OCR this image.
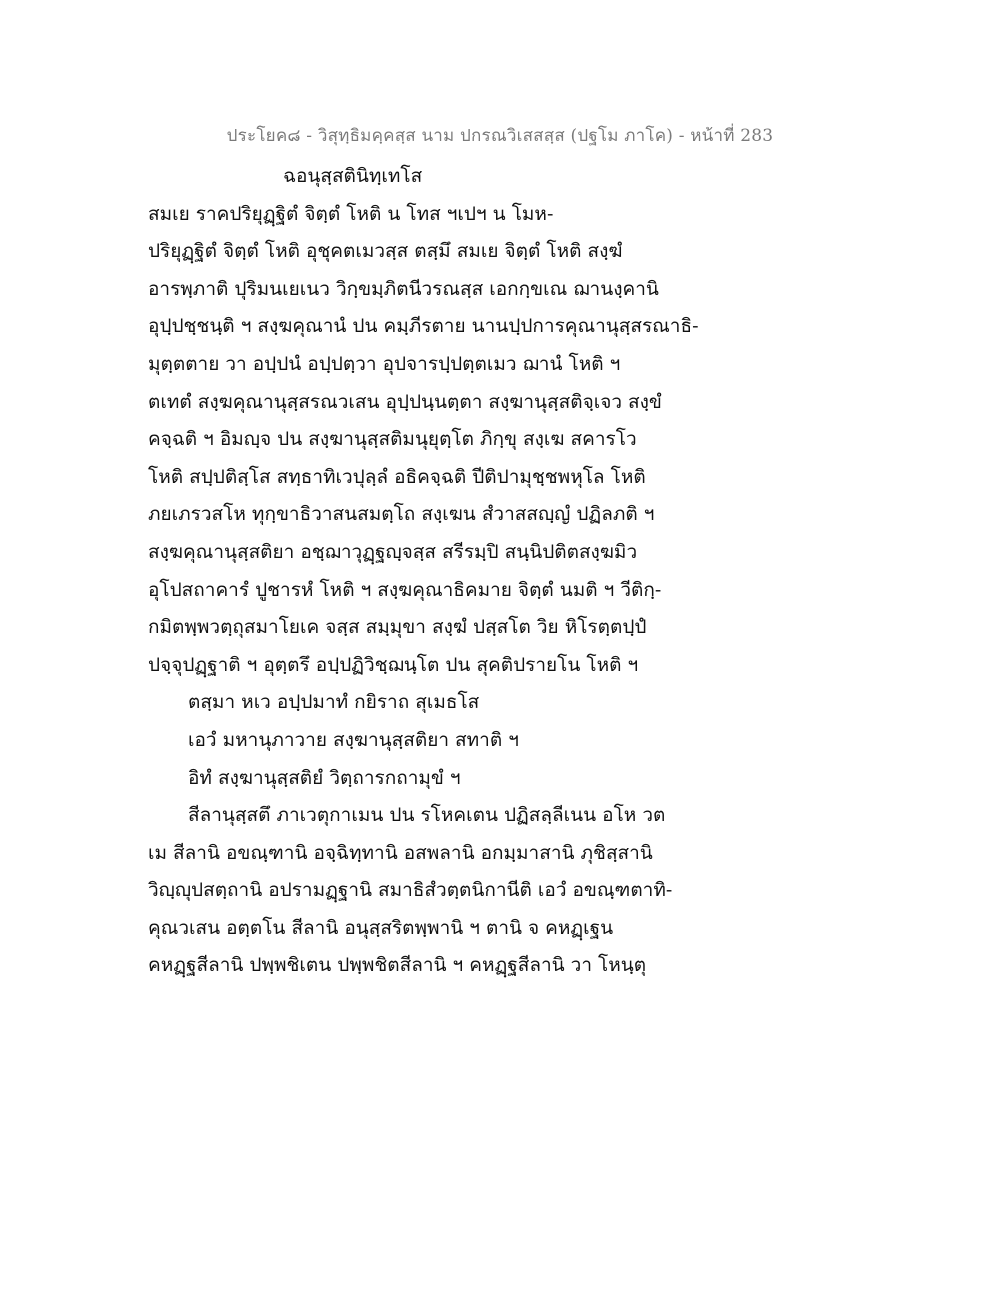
ประโยค๘ - วิสุทฺธิมคฺคสฺส นาม ปกรณวิเสสสฺส (ปฐโม ภาโค) - หน้าที่ 283
ฉอนุสฺสตินิทฺเทโส
สมเย ราคปริยุฏฺฐิตํ จิตฺตํ โหติ น โทส ฯเปฯ น โมห-
ปริยุฏฺฐิตํ จิตฺตํ โหติ อุชุคตเมวสฺส ตสฺมึ สมเย จิตฺตํ โหติ สงฺฆํ
อารพฺภาติ ปุริมนเยเนว วิกฺขมฺภิตนีวรณสฺส เอกกฺขเณ ฌานงฺคานิ
อุปฺปชฺชนฺติ ฯ สงฺฆคุณานํ ปน คมฺภีรตาย นานปฺปการคุณานุสฺสรณาธิ-
มุตฺตตาย วา อปฺปนํ อปฺปตฺวา อุปจารปฺปตฺตเมว ฌานํ โหติ ฯ
ตเทตํ สงฺฆคุณานุสฺสรณวเสน อุปฺปนฺนตฺตา สงฺฆานุสฺสติจฺเจว สงฺขํ
คจฺฉติ ฯ อิมญฺจ ปน สงฺฆานุสฺสติมนุยุตฺโต ภิกฺขุ สงฺเฆ สคารโว
โหติ สปฺปติสฺโส สทฺธาทิเวปุลฺลํ อธิคจฺฉติ ปีติปามุชฺชพหุโล โหติ
ภยเภรวสโห ทุกฺขาธิวาสนสมตฺโถ สงฺเฆน สํวาสสญฺญํ ปฏิลภติ ฯ
สงฺฆคุณานุสฺสติยา อชฺฌาวุฏฺฐญฺจสฺส สรีรมฺปิ สนฺนิปติตสงฺฆมิว
อุโปสถาคารํ ปูชารหํ โหติ ฯ สงฺฆคุณาธิคมาย จิตฺตํ นมติ ฯ วีติกฺ-
กมิตพฺพวตฺถุสมาโยเค จสฺส สมฺมุขา สงฺฆํ ปสฺสโต วิย หิโรตฺตปฺปํ
ปจฺจุปฏฺฐาติ ฯ อุตฺตรึ อปฺปฏิวิชฺฌนฺโต ปน สุคติปรายโน โหติ ฯ
ตสฺมา หเว อปฺปมาทํ กยิราถ สุเมธโส
เอวํ มหานุภาวาย สงฺฆานุสฺสติยา สทาติ ฯ
อิทํ สงฺฆานุสฺสติยํ วิตฺถารกถามุขํ ฯ
สีลานุสฺสตึ ภาเวตุกาเมน ปน รโหคเตน ปฏิสลฺลีเนน อโห วต
เม สีลานิ อขณฺฑานิ อจฺฉิทฺทานิ อสพลานิ อกมฺมาสานิ ภุชิสฺสานิ
วิญฺญุปสตฺถานิ อปรามฏฺฐานิ สมาธิสํวตฺตนิกานีติ เอวํ อขณฺฑตาทิ-
คุณวเสน อตฺตโน สีลานิ อนุสฺสริตพฺพานิ ฯ ตานิ จ คหฏฺเฐน
คหฏฺฐสีลานิ ปพฺพชิเตน ปพฺพชิตสีลานิ ฯ คหฏฺฐสีลานิ วา โหนฺตุ
